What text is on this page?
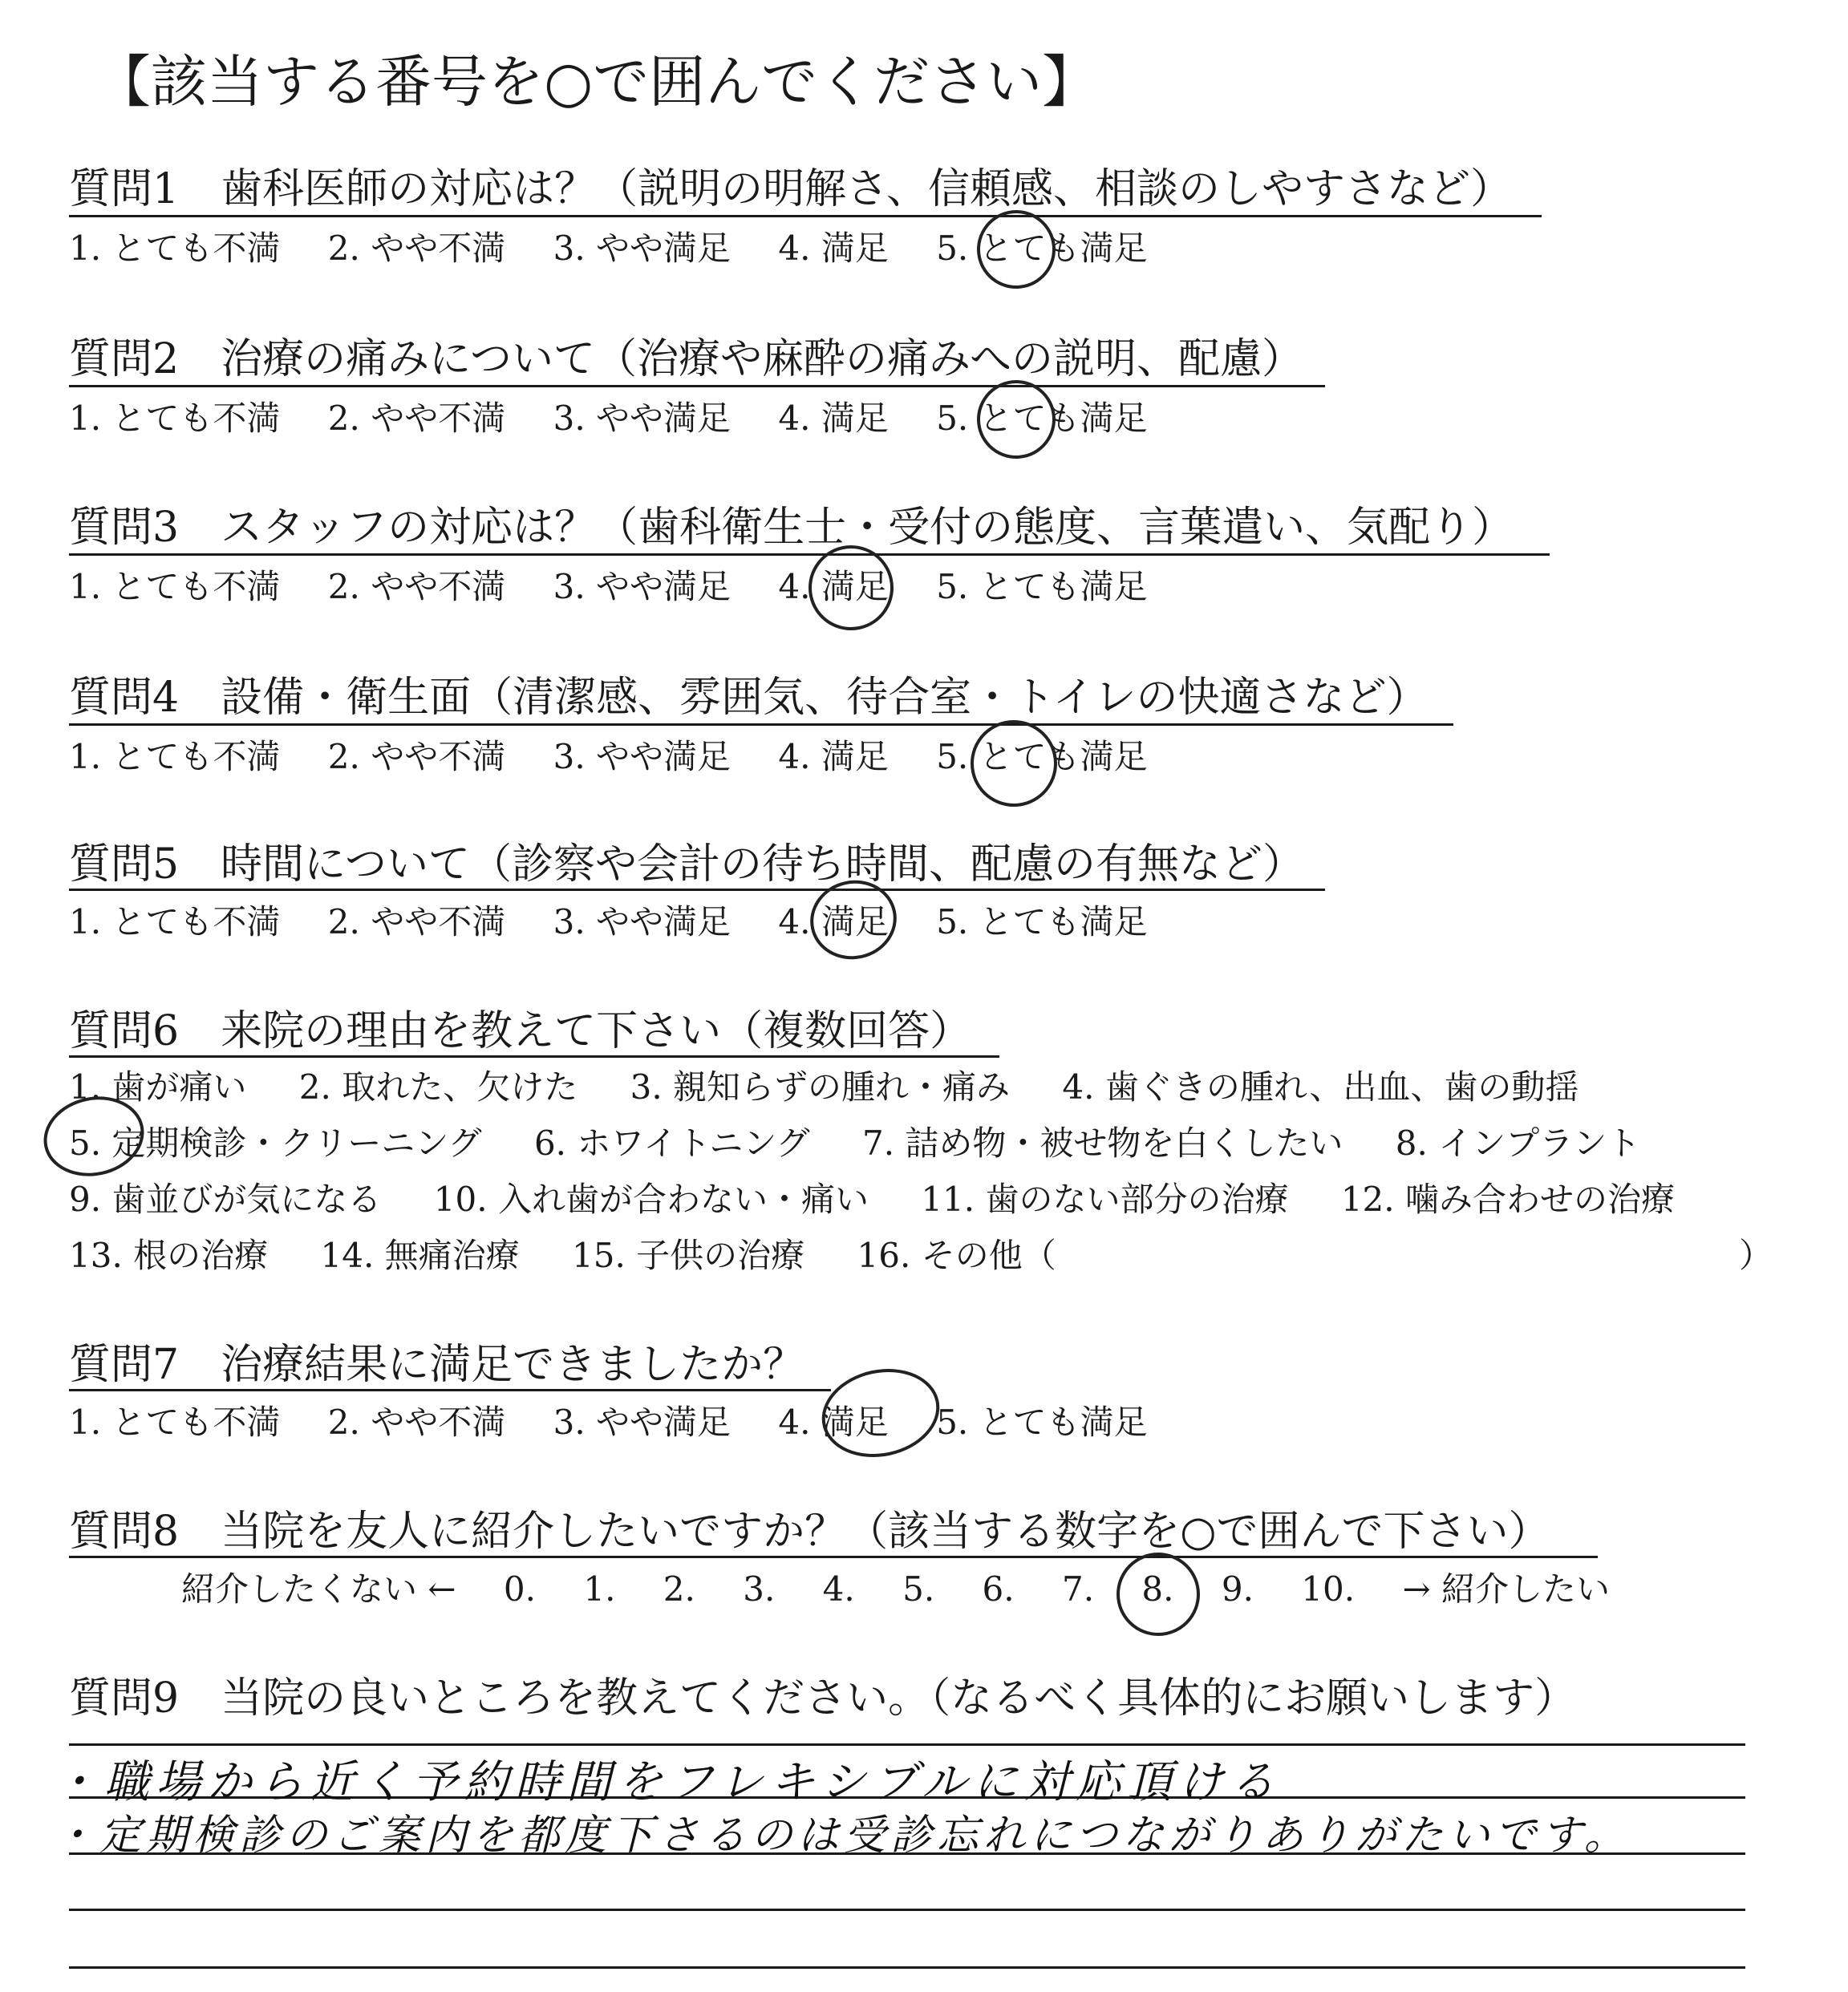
【該当する番号を○で囲んでください】
質問1　歯科医師の対応は？（説明の明解さ、信頼感、相談のしやすさなど）
1. とても不満 2. やや不満 3. やや満足 4. 満足 5. とても満足
質問2　治療の痛みについて（治療や麻酔の痛みへの説明、配慮）
1. とても不満 2. やや不満 3. やや満足 4. 満足 5. とても満足
質問3　スタッフの対応は？（歯科衛生士・受付の態度、言葉遣い、気配り）
1. とても不満 2. やや不満 3. やや満足 4. 満足 5. とても満足
質問4　設備・衛生面（清潔感、雰囲気、待合室・トイレの快適さなど）
1. とても不満 2. やや不満 3. やや満足 4. 満足 5. とても満足
質問5　時間について（診察や会計の待ち時間、配慮の有無など）
1. とても不満 2. やや不満 3. やや満足 4. 満足 5. とても満足
質問6　来院の理由を教えて下さい（複数回答）
1. 歯が痛い 2. 取れた、欠けた 3. 親知らずの腫れ・痛み 4. 歯ぐきの腫れ、出血、歯の動揺
5. 定期検診・クリーニング 6. ホワイトニング 7. 詰め物・被せ物を白くしたい 8. インプラント
9. 歯並びが気になる 10. 入れ歯が合わない・痛い 11. 歯のない部分の治療 12. 噛み合わせの治療
13. 根の治療 14. 無痛治療 15. 子供の治療 16. その他（	）
質問7　治療結果に満足できましたか？
1. とても不満 2. やや不満 3. やや満足 4. 満足 5. とても満足
質問8　当院を友人に紹介したいですか？（該当する数字を○で囲んで下さい）
紹介したくない ← 0. 1. 2. 3. 4. 5. 6. 7. 8. 9. 10. → 紹介したい
質問9　当院の良いところを教えてください。（なるべく具体的にお願いします）
・職場から近く予約時間をフレキシブルに対応頂ける
・定期検診のご案内を都度下さるのは受診忘れにつながりありがたいです。
